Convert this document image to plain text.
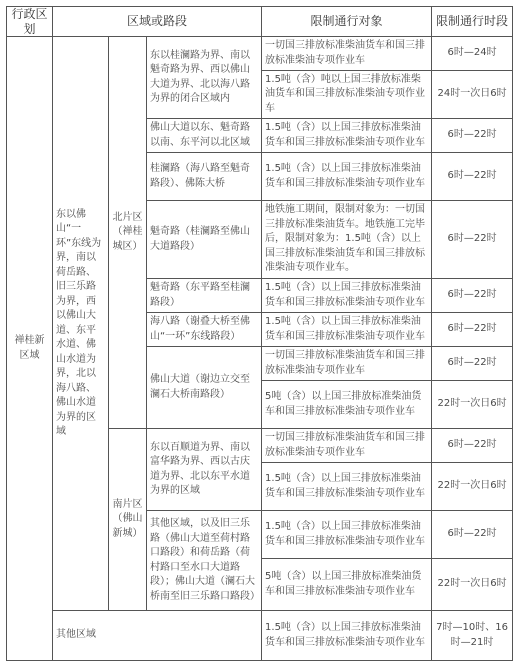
行政区划	区域或路段			限制通行对象	限制通行时段
禅桂新区域	东以佛山“一环”东线为界，南以荷岳路、旧三乐路为界，西以佛山大道、东平水道、佛山水道为界，北以海八路、佛山水道为界的区域	北片区（禅桂城区）	东以桂澜路为界、南以魁奇路为界、西以佛山大道为界、北以海八路为界的闭合区域内	一切国三排放标准柴油货车和国三排放标准柴油专项作业车	6时—24时
				1.5吨（含）吨以上国三排放标准柴油货车和国三排放标准柴油专项作业车	24时一次日6时
			佛山大道以东、魁奇路以南、东平河以北区域	1.5吨（含）以上国三排放标准柴油货车和国三排放标准柴油专项作业车	6时—22时
			桂澜路（海八路至魁奇路段）、佛陈大桥	1.5吨（含）以上国三排放标准柴油货车和国三排放标准柴油专项作业车	6时—22时
			魁奇路（桂澜路至佛山大道路段）	地铁施工期间，限制对象为：一切国三排放标准柴油货车。地铁施工完毕后，限制对象为：1.5吨（含）以上国三排放标准柴油货车和国三排放标准柴油专项作业车。	6时—22时
			魁奇路（东平路至桂澜路段）	1.5吨（含）以上国三排放标准柴油货车和国三排放标准柴油专项作业车	6时—22时
			海八路（谢叠大桥至佛山“一环”东线路段）	1.5吨（含）以上国三排放标准柴油货车和国三排放标准柴油专项作业车	6时—22时
			佛山大道（谢边立交至澜石大桥南路段）	一切国三排放标准柴油货车和国三排放标准柴油专项作业车	6时—22时
				5吨（含）以上国三排放标准柴油货车和国三排放标准柴油专项作业车	22时一次日6时
		南片区（佛山新城）	东以百顺道为界、南以富华路为界、西以古庆道为界、北以东平水道为界的区域	一切国三排放标准柴油货车和国三排放标准柴油专项作业车	6时—22时
				1.5吨（含）以上国三排放标准柴油货车和国三排放标准柴油专项作业车	22时一次日6时
			其他区域，以及旧三乐路（佛山大道至荷村路口路段）和荷岳路（荷村路口至水口大道路段）；佛山大道（澜石大桥南至旧三乐路口路段）	1.5吨（含）以上国三排放标准柴油货车和国三排放标准柴油专项作业车	6时—22时
				5吨（含）以上国三排放标准柴油货车和国三排放标准柴油专项作业车	22时一次日6时
	其他区域			1.5吨（含）以上国三排放标准柴油货车和国三排放标准柴油专项作业车	7时—10时、16时—21时
